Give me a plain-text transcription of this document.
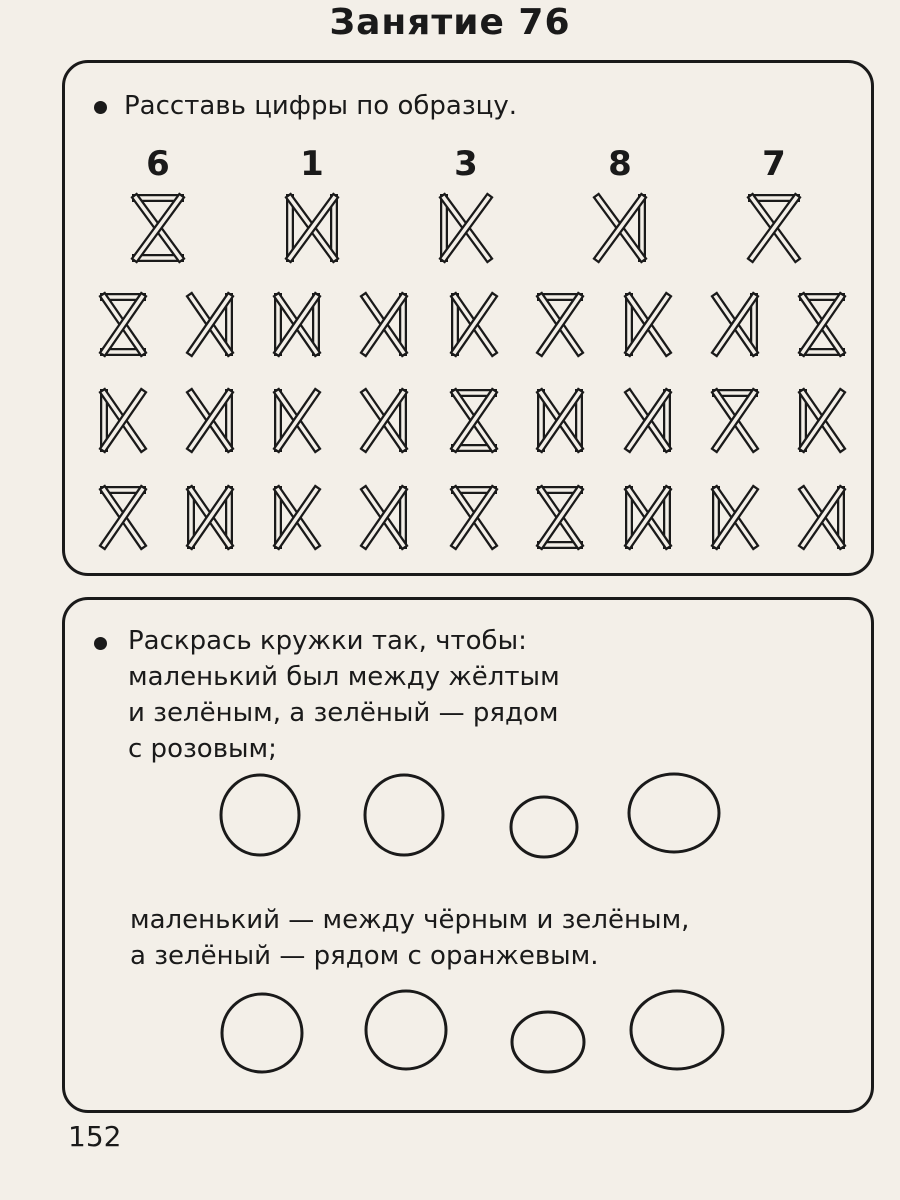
Занятие 76
Расставь цифры по образцу.
6	1	3	8	7
Раскрась кружки так, чтобы:
маленький был между жёлтым
и зелёным, а зелёный — рядом
с розовым;
маленький — между чёрным и зелёным,
а зелёный — рядом с оранжевым.
152
